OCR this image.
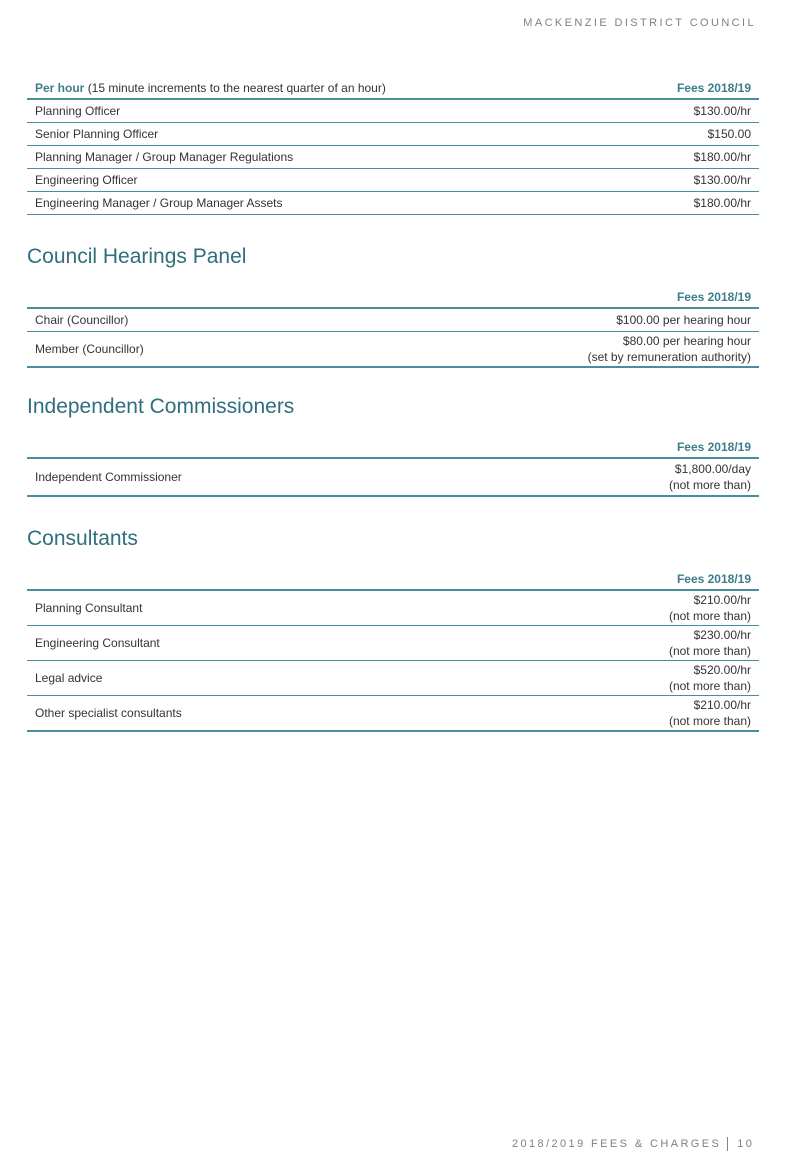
MACKENZIE DISTRICT COUNCIL
Per hour (15 minute increments to the nearest quarter of an hour)	Fees 2018/19
Planning Officer	$130.00/hr
Senior Planning Officer	$150.00
Planning Manager / Group Manager Regulations	$180.00/hr
Engineering Officer	$130.00/hr
Engineering Manager / Group Manager Assets	$180.00/hr
Council Hearings Panel
	Fees 2018/19
Chair (Councillor)	$100.00 per hearing hour
Member (Councillor)	$80.00 per hearing hour
(set by remuneration authority)
Independent Commissioners
	Fees 2018/19
Independent Commissioner	$1,800.00/day
(not more than)
Consultants
	Fees 2018/19
Planning Consultant	$210.00/hr
(not more than)

Engineering Consultant	$230.00/hr
(not more than)

Legal advice	$520.00/hr
(not more than)

Other specialist consultants	$210.00/hr
(not more than)
2018/2019 FEES & CHARGES 10
